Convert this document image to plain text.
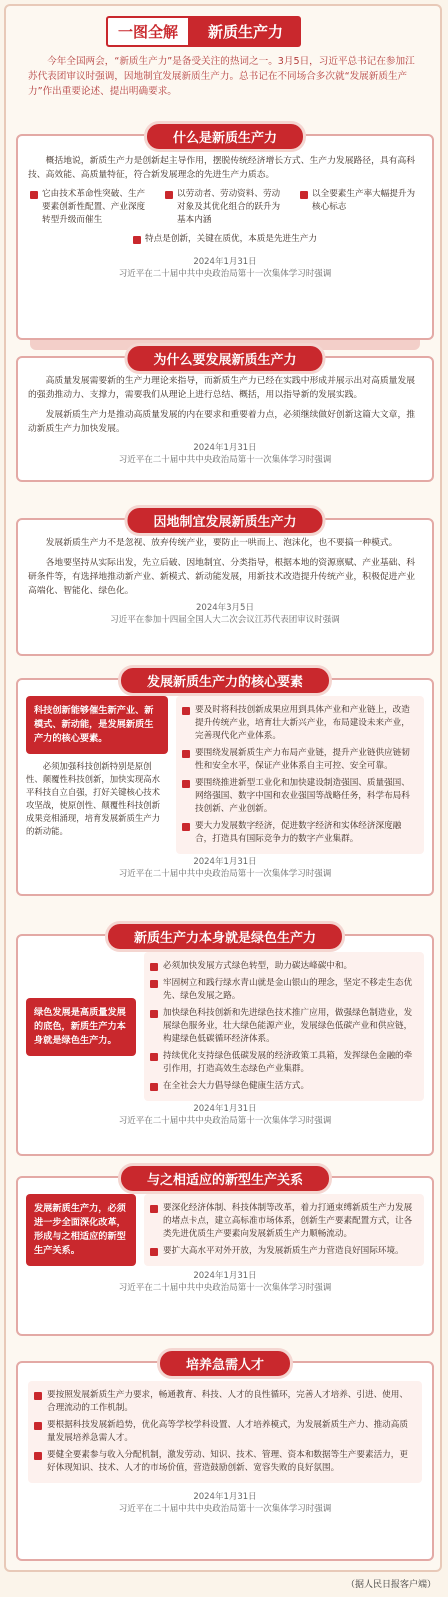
一图全解	新质生产力
今年全国两会，“新质生产力”是备受关注的热词之一。3月5日，习近平总书记在参加江苏代表团审议时强调，因地制宜发展新质生产力。总书记在不同场合多次就“发展新质生产力”作出重要论述、提出明确要求。
什么是新质生产力
概括地说，新质生产力是创新起主导作用，摆脱传统经济增长方式、生产力发展路径，具有高科技、高效能、高质量特征，符合新发展理念的先进生产力质态。
它由技术革命性突破、生产要素创新性配置、产业深度转型升级而催生
以劳动者、劳动资料、劳动对象及其优化组合的跃升为基本内涵
以全要素生产率大幅提升为核心标志
特点是创新，关键在质优，本质是先进生产力
2024年1月31日
习近平在二十届中共中央政治局第十一次集体学习时强调
为什么要发展新质生产力
高质量发展需要新的生产力理论来指导，而新质生产力已经在实践中形成并展示出对高质量发展的强劲推动力、支撑力，需要我们从理论上进行总结、概括，用以指导新的发展实践。
发展新质生产力是推动高质量发展的内在要求和重要着力点，必须继续做好创新这篇大文章，推动新质生产力加快发展。
2024年1月31日
习近平在二十届中共中央政治局第十一次集体学习时强调
因地制宜发展新质生产力
发展新质生产力不是忽视、放弃传统产业，要防止一哄而上、泡沫化，也不要搞一种模式。
各地要坚持从实际出发，先立后破、因地制宜、分类指导，根据本地的资源禀赋、产业基础、科研条件等，有选择地推动新产业、新模式、新动能发展，用新技术改造提升传统产业，积极促进产业高端化、智能化、绿色化。
2024年3月5日
习近平在参加十四届全国人大二次会议江苏代表团审议时强调
发展新质生产力的核心要素
科技创新能够催生新产业、新模式、新动能，是发展新质生产力的核心要素。
必须加强科技创新特别是原创性、颠覆性科技创新，加快实现高水平科技自立自强，打好关键核心技术攻坚战，使原创性、颠覆性科技创新成果竞相涌现，培育发展新质生产力的新动能。
要及时将科技创新成果应用到具体产业和产业链上，改造提升传统产业，培育壮大新兴产业，布局建设未来产业，完善现代化产业体系。
要围绕发展新质生产力布局产业链，提升产业链供应链韧性和安全水平，保证产业体系自主可控、安全可靠。
要围绕推进新型工业化和加快建设制造强国、质量强国、网络强国、数字中国和农业强国等战略任务，科学布局科技创新、产业创新。
要大力发展数字经济，促进数字经济和实体经济深度融合，打造具有国际竞争力的数字产业集群。
2024年1月31日
习近平在二十届中共中央政治局第十一次集体学习时强调
新质生产力本身就是绿色生产力
绿色发展是高质量发展的底色，新质生产力本身就是绿色生产力。
必须加快发展方式绿色转型，助力碳达峰碳中和。
牢固树立和践行绿水青山就是金山银山的理念，坚定不移走生态优先、绿色发展之路。
加快绿色科技创新和先进绿色技术推广应用，做强绿色制造业，发展绿色服务业，壮大绿色能源产业，发展绿色低碳产业和供应链，构建绿色低碳循环经济体系。
持续优化支持绿色低碳发展的经济政策工具箱，发挥绿色金融的牵引作用，打造高效生态绿色产业集群。
在全社会大力倡导绿色健康生活方式。
2024年1月31日
习近平在二十届中共中央政治局第十一次集体学习时强调
与之相适应的新型生产关系
发展新质生产力，必须进一步全面深化改革，形成与之相适应的新型生产关系。
要深化经济体制、科技体制等改革，着力打通束缚新质生产力发展的堵点卡点，建立高标准市场体系，创新生产要素配置方式，让各类先进优质生产要素向发展新质生产力顺畅流动。
要扩大高水平对外开放，为发展新质生产力营造良好国际环境。
2024年1月31日
习近平在二十届中共中央政治局第十一次集体学习时强调
培养急需人才
要按照发展新质生产力要求，畅通教育、科技、人才的良性循环，完善人才培养、引进、使用、合理流动的工作机制。
要根据科技发展新趋势，优化高等学校学科设置、人才培养模式，为发展新质生产力、推动高质量发展培养急需人才。
要健全要素参与收入分配机制，激发劳动、知识、技术、管理、资本和数据等生产要素活力，更好体现知识、技术、人才的市场价值，营造鼓励创新、宽容失败的良好氛围。
2024年1月31日
习近平在二十届中共中央政治局第十一次集体学习时强调
（据人民日报客户端）
